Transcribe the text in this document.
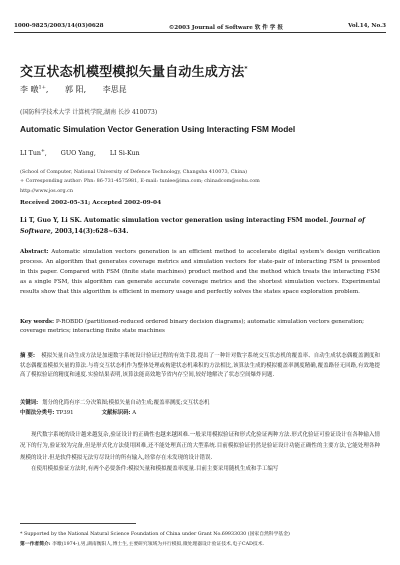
1000-9825/2003/14(03)0628	©2003 Journal of Software 软 件 学 报	Vol.14, No.3
交互状态机模型模拟矢量自动生成方法*
李 暾$^{1+}$, 郭 阳, 李思昆
(国防科学技术大学 计算机学院,湖南 长沙 410073)
Automatic Simulation Vector Generation Using Interacting FSM Model
LI Tun+, GUO Yang, LI Si-Kun
(School of Computer, National University of Defence Technology, Changsha 410073, China)
+ Corresponding author: Phn: 86-731-4575981, E-mail: tunlee@ima.com; chinadcom@sohu.com
http://www.jos.org.cn
Received 2002-05-31; Accepted 2002-09-04
Li T, Guo Y, Li SK. Automatic simulation vector generation using interacting FSM model. Journal of Software, 2003,14(3):628~634.
Abstract: Automatic simulation vectors generation is an efficient method to accelerate digital system's design verification process. An algorithm that generates coverage metrics and simulation vectors for state-pair of interacting FSM is presented in this paper. Compared with FSM (finite state machines) product method and the method which treats the interacting FSM as a single FSM, this algorithm can generate accurate coverage metrics and the shortest simulation vectors. Experimental results show that this algorithm is efficient in memory usage and perfectly solves the states space exploration problem.
Key words: P-ROBDD (partitioned-reduced ordered binary decision diagrams); automatic simulation vectors generation; coverage metrics; interacting finite state machines
摘 要: 模拟矢量自动生成方法是加速数字系统设计验证过程的有效手段.提出了一种针对数字系统交互状态机的覆盖率、自动生成状态偶覆盖测度和状态偶覆盖模拟矢量的算法.与将交互状态机作为整体处理或构建状态机乘积的方法相比,该算法生成的模拟覆盖率测度精确,覆盖路径无回路,有效地提高了模拟验证的精度和速度.实验结果表明,该算法能高效地节省内存空间,较好地解决了状态空间爆炸问题.
关键词: 划分的化简有序二分决策图;模拟矢量自动生成;覆盖率测度;交互状态机
中图法分类号: TP391	文献标识码: A
现代数字系统的设计越来越复杂,验证设计的正确性也越来越困难.一般采用模拟验证和形式化验证两种方法.形式化验证可验证设计在各种输入情况下的行为,验证较为完备,但是形式化方法使用困难,还不能处理真正的大型系统.目前模拟验证仍然是验证设计功能正确性的主要方法,它能处理各种规模的设计.但是软件模拟无法穷尽设计的所有输入,经常存在未发现的设计错误.
在使用模拟验证方法时,有两个必要条件:模拟矢量和模拟覆盖率度量.目前主要采用随机生成和手工编写
* Supported by the National Natural Science Foundation of China under Grant No.69933030 (国家自然科学基金)
第一作者简介: 李暾(1974-),男,湖南衡阳人,博士生,主要研究领域为并行模拟,微处理器设计验证技术,电子CAD技术.
